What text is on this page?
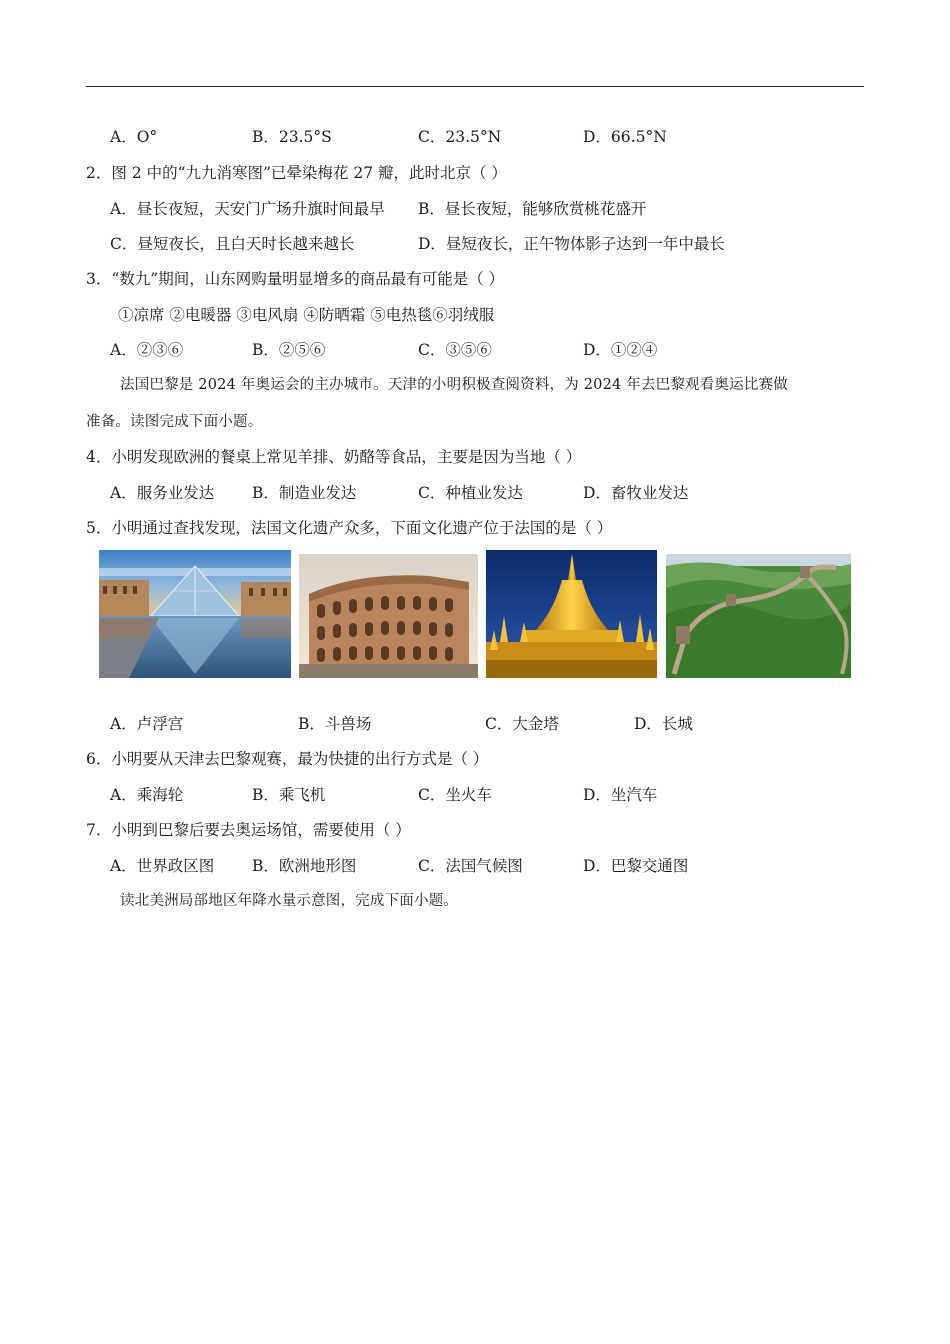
A．O°	B．23.5°S	C．23.5°N	D．66.5°N
2．图 2 中的“九九消寒图”已晕染梅花 27 瓣，此时北京（ ）
A．昼长夜短，天安门广场升旗时间最早 B．昼长夜短，能够欣赏桃花盛开
C．昼短夜长，且白天时长越来越长	D．昼短夜长，正午物体影子达到一年中最长
3．“数九”期间，山东网购量明显增多的商品最有可能是（ ）
①凉席 ②电暖器 ③电风扇 ④防晒霜 ⑤电热毯⑥羽绒服
A．②③⑥	B．②⑤⑥	C．③⑤⑥	D．①②④
法国巴黎是 2024 年奥运会的主办城市。天津的小明积极查阅资料，为 2024 年去巴黎观看奥运比赛做
准备。读图完成下面小题。
4．小明发现欧洲的餐桌上常见羊排、奶酪等食品，主要是因为当地（ ）
A．服务业发达 B．制造业发达	C．种植业发达	D．畜牧业发达
5．小明通过查找发现，法国文化遗产众多，下面文化遗产位于法国的是（ ）
A．卢浮宫	B．斗兽场	C．大金塔	D．长城
6．小明要从天津去巴黎观赛，最为快捷的出行方式是（ ）
A．乘海轮	B．乘飞机	C．坐火车	D．坐汽车
7．小明到巴黎后要去奥运场馆，需要使用（ ）
A．世界政区图 B．欧洲地形图	C．法国气候图	D．巴黎交通图
读北美洲局部地区年降水量示意图，完成下面小题。
